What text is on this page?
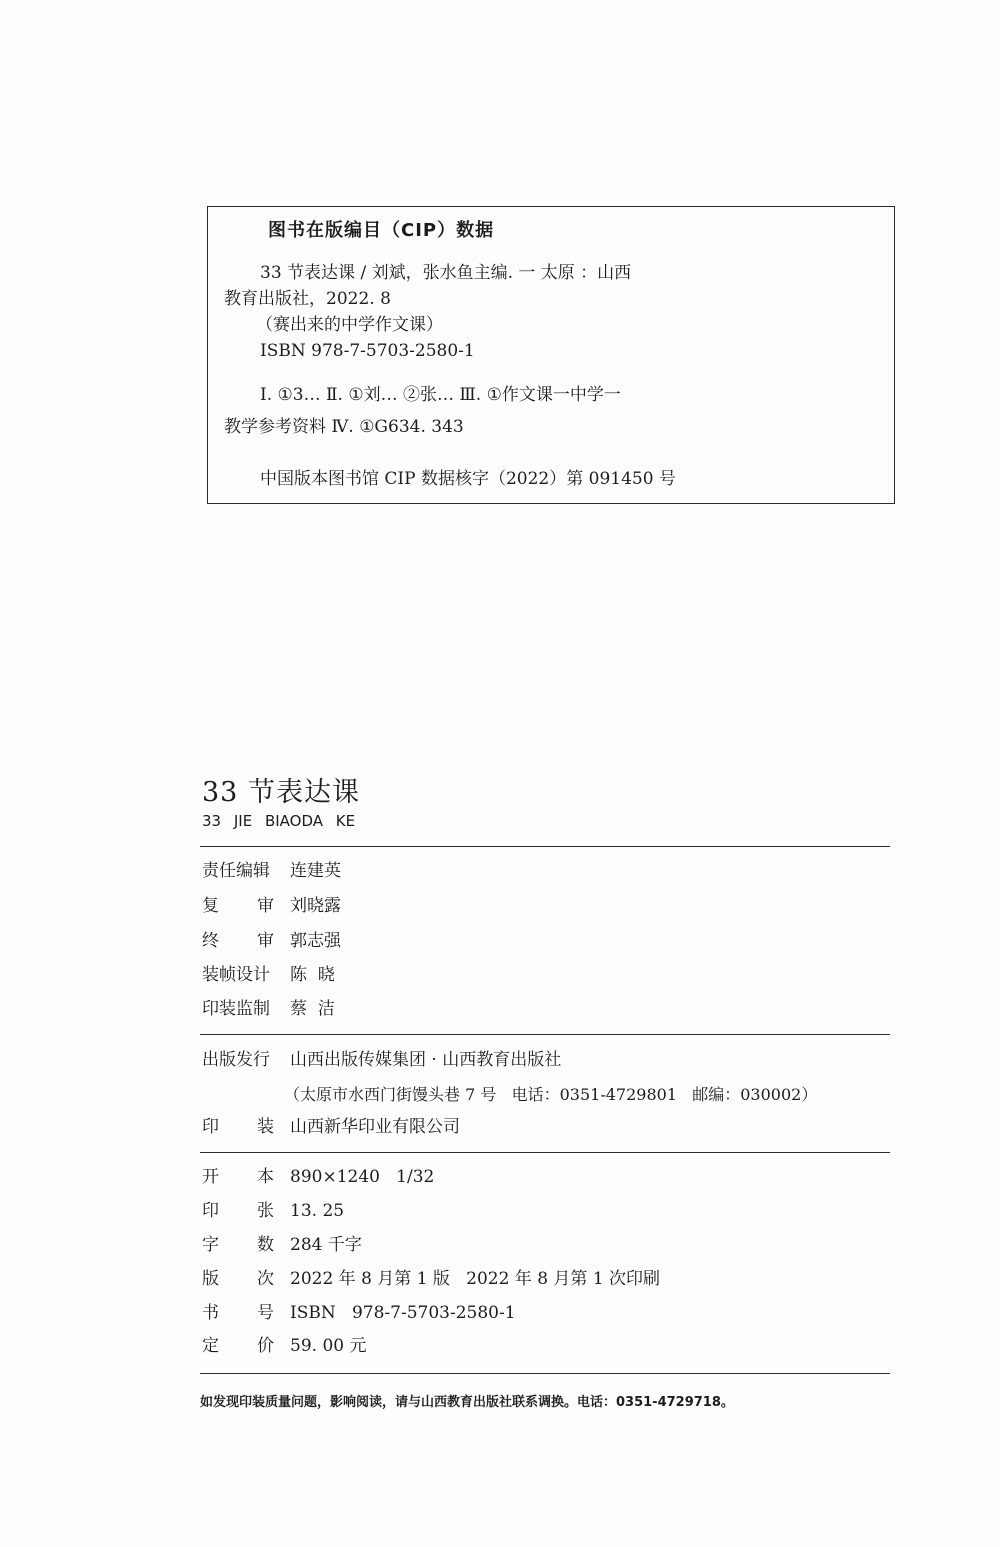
图书在版编目（CIP）数据
33 节表达课 / 刘斌，张水鱼主编. 一 太原 ：山西
教育出版社，2022. 8
（赛出来的中学作文课）
ISBN 978-7-5703-2580-1
Ⅰ. ①3… Ⅱ. ①刘… ②张… Ⅲ. ①作文课一中学一
教学参考资料 Ⅳ. ①G634. 343
中国版本图书馆 CIP 数据核字（2022）第 091450 号
33 节表达课
33 JIE BIAODA KE
责任编辑 连建英
复 审 刘晓露
终 审 郭志强
装帧设计 陈  晓
印装监制 蔡  洁
出版发行 山西出版传媒集团 · 山西教育出版社
（太原市水西门街馒头巷 7 号   电话：0351-4729801   邮编：030002）
印 装 山西新华印业有限公司
开 本 890×1240   1/32
印 张 13. 25
字 数 284 千字
版 次 2022 年 8 月第 1 版   2022 年 8 月第 1 次印刷
书 号 ISBN   978-7-5703-2580-1
定 价 59. 00 元
如发现印装质量问题，影响阅读，请与山西教育出版社联系调换。电话：0351-4729718。
